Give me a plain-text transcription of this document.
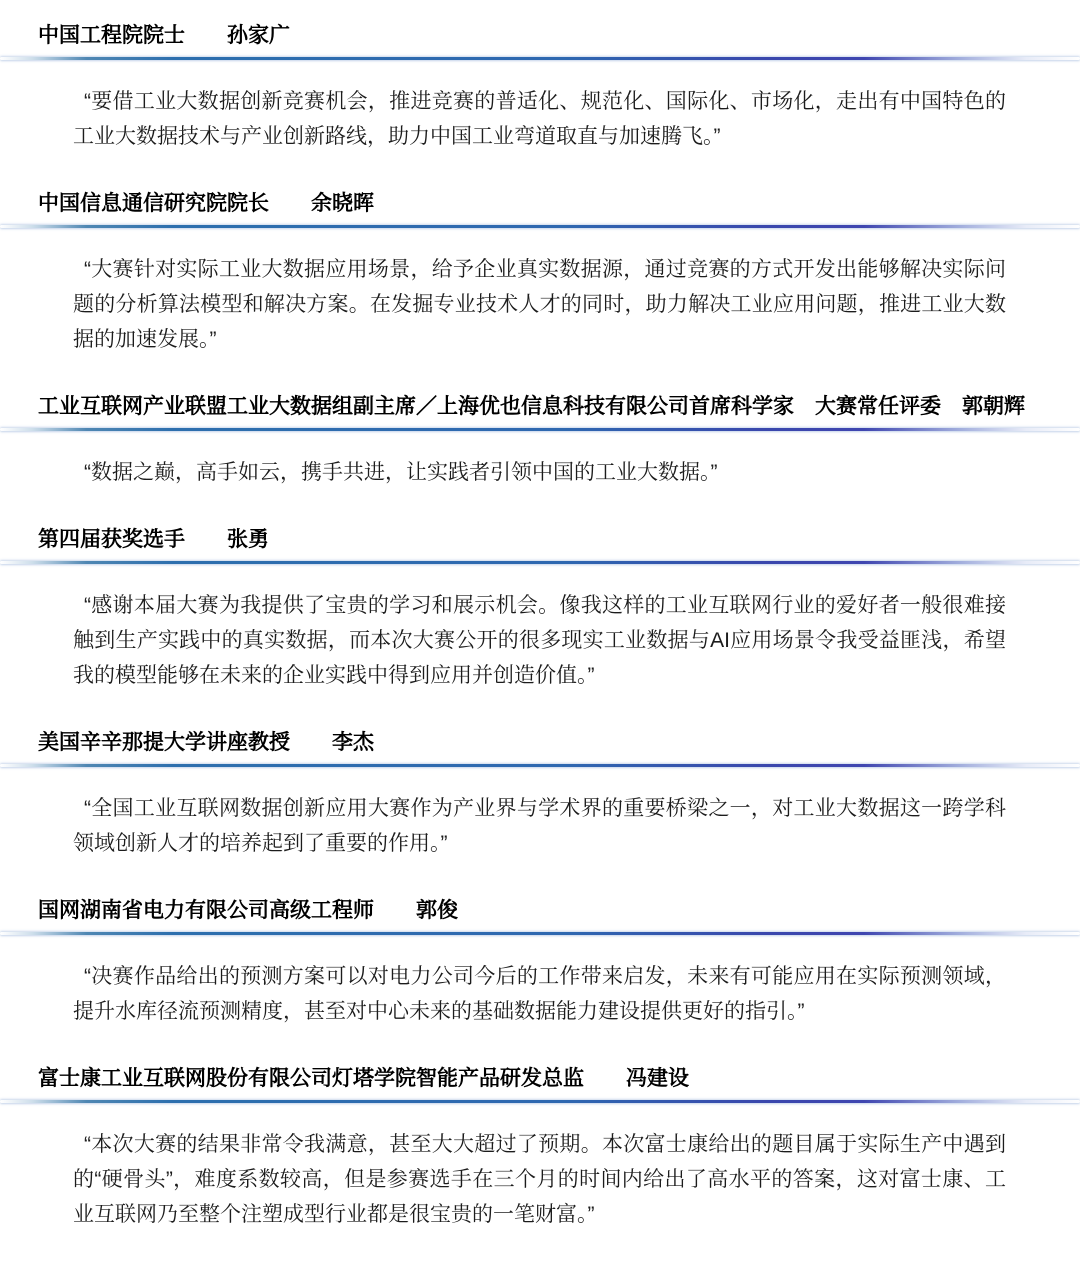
中国工程院院士　　孙家广
“要借工业大数据创新竞赛机会，推进竞赛的普适化、规范化、国际化、市场化，走出有中国特色的工业大数据技术与产业创新路线，助力中国工业弯道取直与加速腾飞。”
中国信息通信研究院院长　　余晓晖
“大赛针对实际工业大数据应用场景，给予企业真实数据源，通过竞赛的方式开发出能够解决实际问题的分析算法模型和解决方案。在发掘专业技术人才的同时，助力解决工业应用问题，推进工业大数据的加速发展。”
工业互联网产业联盟工业大数据组副主席／上海优也信息科技有限公司首席科学家　大赛常任评委　郭朝辉
“数据之巅，高手如云，携手共进，让实践者引领中国的工业大数据。”
第四届获奖选手　　张勇
“感谢本届大赛为我提供了宝贵的学习和展示机会。像我这样的工业互联网行业的爱好者一般很难接触到生产实践中的真实数据，而本次大赛公开的很多现实工业数据与AI应用场景令我受益匪浅，希望我的模型能够在未来的企业实践中得到应用并创造价值。”
美国辛辛那提大学讲座教授　　李杰
“全国工业互联网数据创新应用大赛作为产业界与学术界的重要桥梁之一，对工业大数据这一跨学科领域创新人才的培养起到了重要的作用。”
国网湖南省电力有限公司高级工程师　　郭俊
“决赛作品给出的预测方案可以对电力公司今后的工作带来启发，未来有可能应用在实际预测领域，提升水库径流预测精度，甚至对中心未来的基础数据能力建设提供更好的指引。”
富士康工业互联网股份有限公司灯塔学院智能产品研发总监　　冯建设
“本次大赛的结果非常令我满意，甚至大大超过了预期。本次富士康给出的题目属于实际生产中遇到的“硬骨头”，难度系数较高，但是参赛选手在三个月的时间内给出了高水平的答案，这对富士康、工业互联网乃至整个注塑成型行业都是很宝贵的一笔财富。”
